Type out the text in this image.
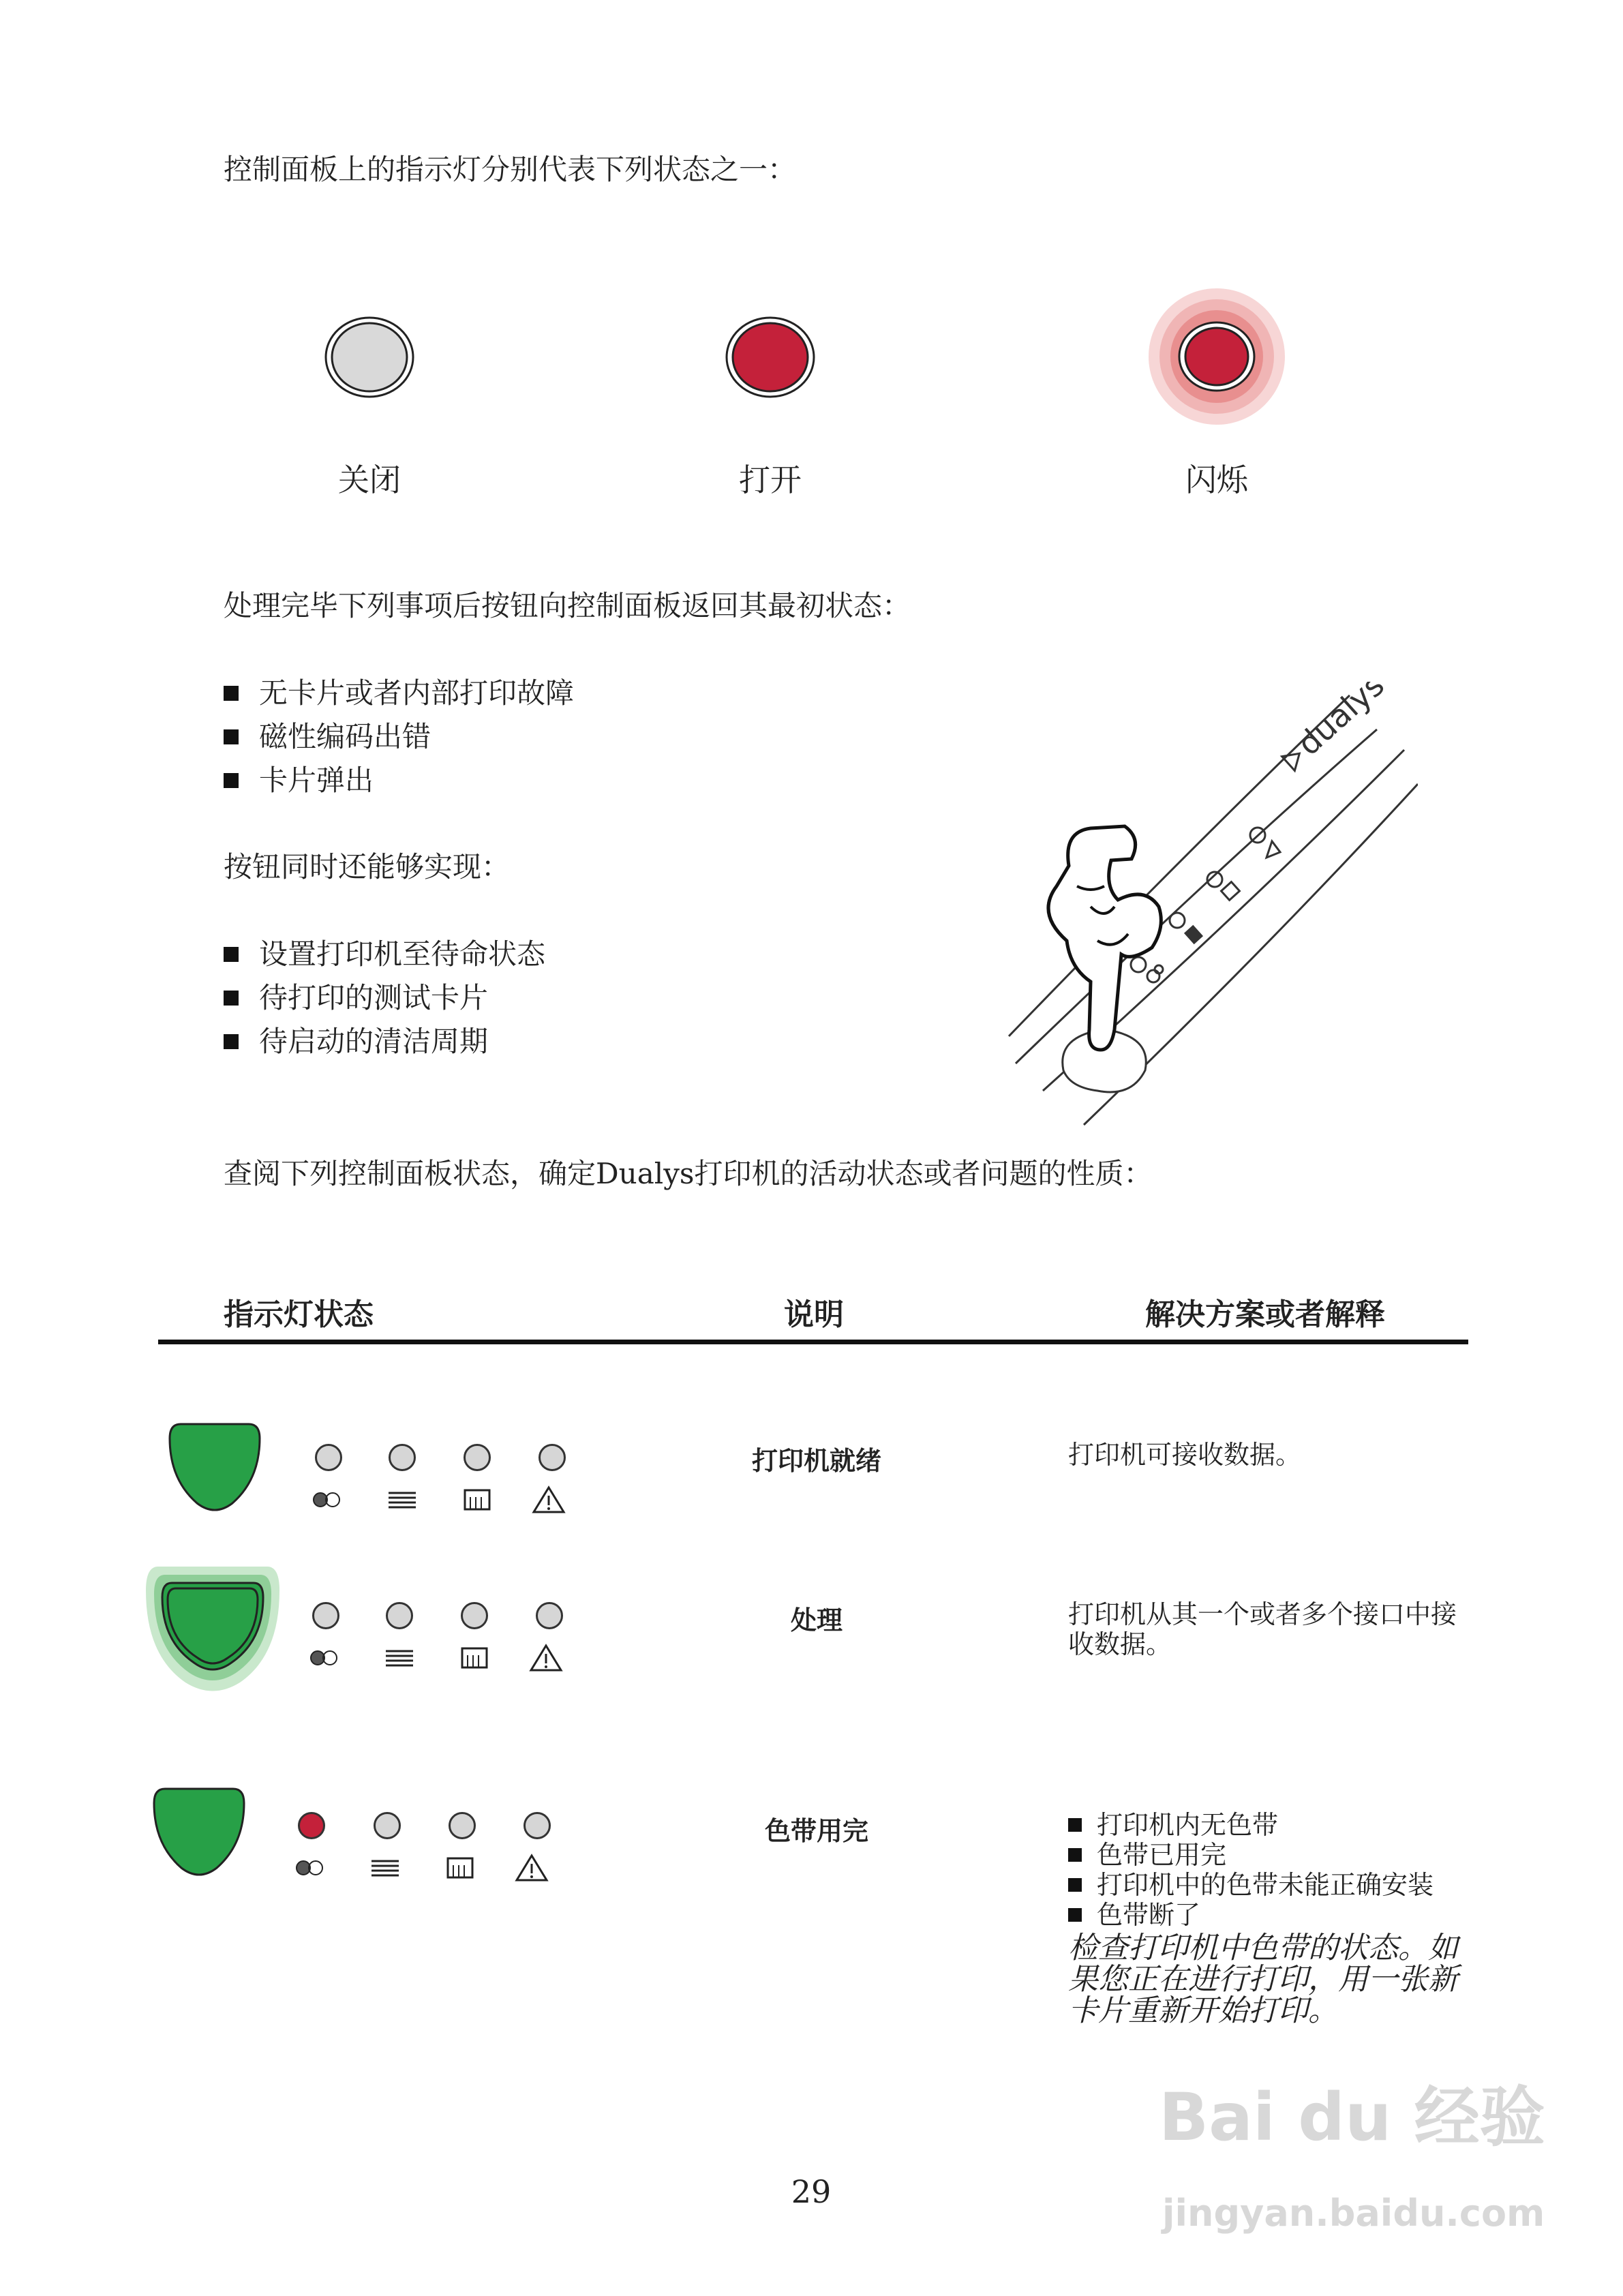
控制面板上的指示灯分别代表下列状态之一：
关闭	打开	闪烁
处理完毕下列事项后按钮向控制面板返回其最初状态：
无卡片或者内部打印故障
磁性编码出错
卡片弹出
按钮同时还能够实现：
设置打印机至待命状态
待打印的测试卡片
待启动的清洁周期
dualys
查阅下列控制面板状态，确定Dualys打印机的活动状态或者问题的性质：
指示灯状态	说明	解决方案或者解释
打印机就绪	打印机可接收数据。
处理	打印机从其一个或者多个接口中接收数据。
色带用完	打印机内无色带
色带已用完
打印机中的色带未能正确安装
色带断了
检查打印机中色带的状态。如果您正在进行打印，用一张新卡片重新开始打印。
29
Bai du 经验
jingyan.baidu.com
